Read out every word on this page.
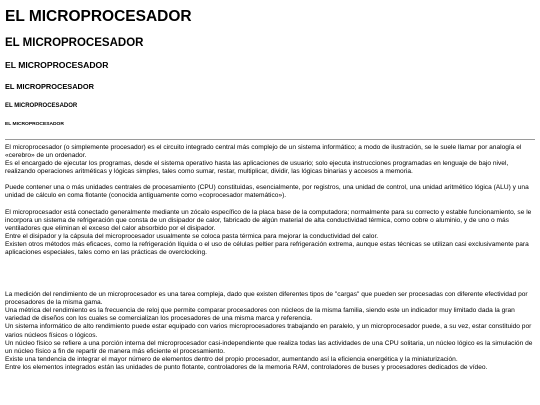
EL MICROPROCESADOR
EL MICROPROCESADOR
EL MICROPROCESADOR
EL MICROPROCESADOR
EL MICROPROCESADOR
EL MICROPROCESADOR

El microprocesador (o simplemente procesador) es el circuito integrado central más complejo de un sistema informático; a modo de ilustración, se le suele llamar por analogía el «cerebro» de un ordenador.
Es el encargado de ejecutar los programas, desde el sistema operativo hasta las aplicaciones de usuario; solo ejecuta instrucciones programadas en lenguaje de bajo nivel, realizando operaciones aritméticas y lógicas simples, tales como sumar, restar, multiplicar, dividir, las lógicas binarias y accesos a memoria.

Puede contener una o más unidades centrales de procesamiento (CPU) constituidas, esencialmente, por registros, una unidad de control, una unidad aritmético lógica (ALU) y una unidad de cálculo en coma flotante (conocida antiguamente como «coprocesador matemático»).

El microprocesador está conectado generalmente mediante un zócalo específico de la placa base de la computadora; normalmente para su correcto y estable funcionamiento, se le incorpora un sistema de refrigeración que consta de un disipador de calor, fabricado de algún material de alta conductividad térmica, como cobre o aluminio, y de uno o más ventiladores que eliminan el exceso del calor absorbido por el disipador.
Entre el disipador y la cápsula del microprocesador usualmente se coloca pasta térmica para mejorar la conductividad del calor.
Existen otros métodos más eficaces, como la refrigeración líquida o el uso de células peltier para refrigeración extrema, aunque estas técnicas se utilizan casi exclusivamente para aplicaciones especiales, tales como en las prácticas de overclocking.

La medición del rendimiento de un microprocesador es una tarea compleja, dado que existen diferentes tipos de "cargas" que pueden ser procesadas con diferente efectividad por procesadores de la misma gama.
Una métrica del rendimiento es la frecuencia de reloj que permite comparar procesadores con núcleos de la misma familia, siendo este un indicador muy limitado dada la gran variedad de diseños con los cuales se comercializan los procesadores de una misma marca y referencia.
Un sistema informático de alto rendimiento puede estar equipado con varios microprocesadores trabajando en paralelo, y un microprocesador puede, a su vez, estar constituido por varios núcleos físicos o lógicos.
Un núcleo físico se refiere a una porción interna del microprocesador casi-independiente que realiza todas las actividades de una CPU solitaria, un núcleo lógico es la simulación de un núcleo físico a fin de repartir de manera más eficiente el procesamiento.
Existe una tendencia de integrar el mayor número de elementos dentro del propio procesador, aumentando así la eficiencia energética y la miniaturización.
Entre los elementos integrados están las unidades de punto flotante, controladores de la memoria RAM, controladores de buses y procesadores dedicados de vídeo.
